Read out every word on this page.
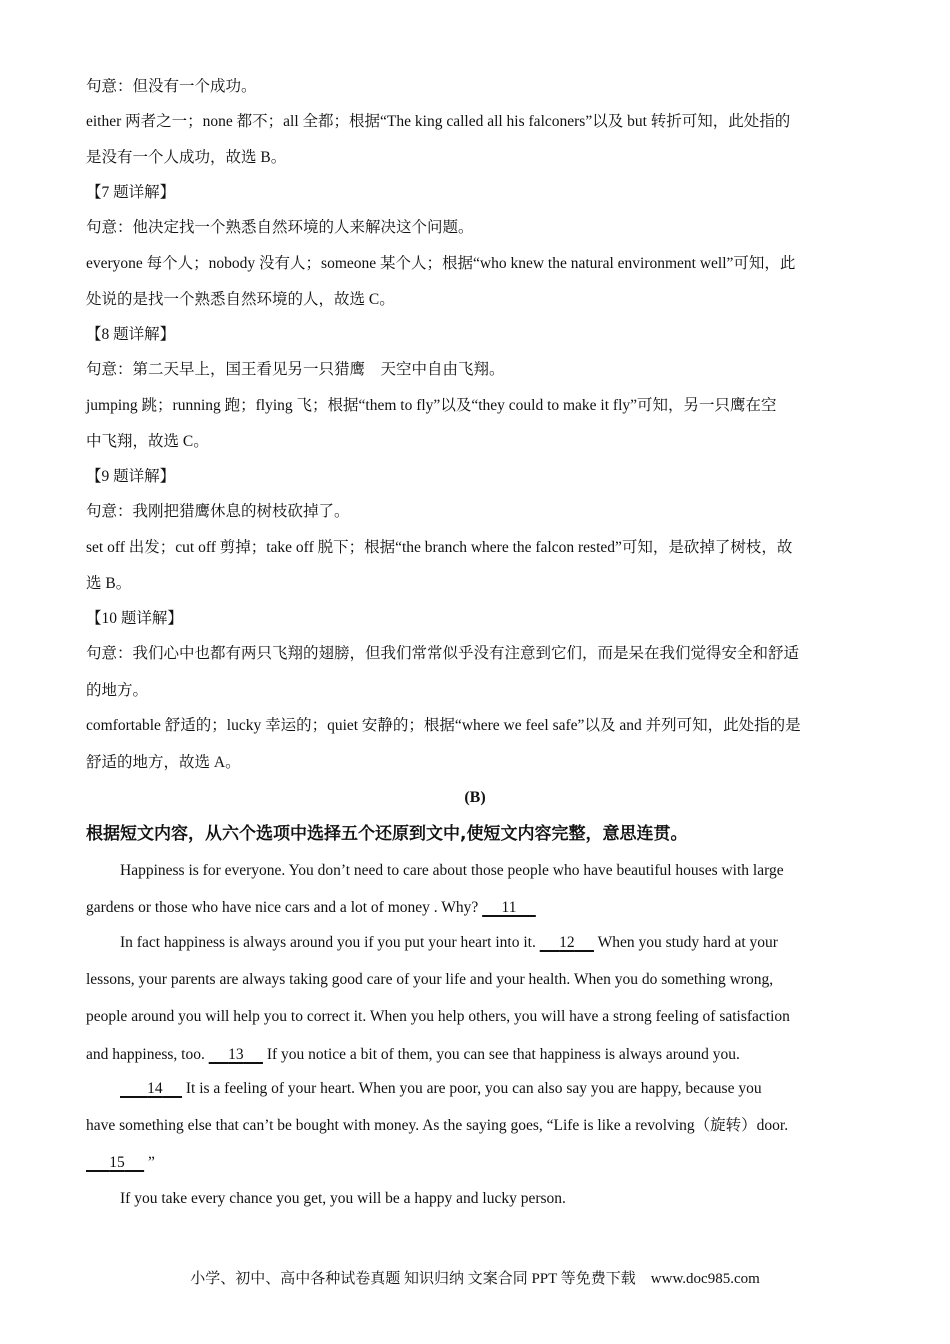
句意：但没有一个成功。
either 两者之一；none 都不；all 全都；根据“The king called all his falconers”以及 but 转折可知，此处指的
是没有一个人成功，故选 B。
【7 题详解】
句意：他决定找一个熟悉自然环境的人来解决这个问题。
everyone 每个人；nobody 没有人；someone 某个人；根据“who knew the natural environment well”可知，此
处说的是找一个熟悉自然环境的人，故选 C。
【8 题详解】
句意：第二天早上，国王看见另一只猎鹰　天空中自由飞翔。
jumping 跳；running 跑；flying 飞；根据“them to fly”以及“they could to make it fly”可知，另一只鹰在空
中飞翔，故选 C。
【9 题详解】
句意：我刚把猎鹰休息的树枝砍掉了。
set off 出发；cut off 剪掉；take off 脱下；根据“the branch where the falcon rested”可知，是砍掉了树枝，故
选 B。
【10 题详解】
句意：我们心中也都有两只飞翔的翅膀，但我们常常似乎没有注意到它们，而是呆在我们觉得安全和舒适
的地方。
comfortable 舒适的；lucky 幸运的；quiet 安静的；根据“where we feel safe”以及 and 并列可知，此处指的是
舒适的地方，故选 A。
(B)
根据短文内容，从六个选项中选择五个还原到文中,使短文内容完整，意思连贯。
Happiness is for everyone. You don’t need to care about those people who have beautiful houses with large
gardens or those who have nice cars and a lot of money . Why? 11
In fact happiness is always around you if you put your heart into it. 12 When you study hard at your
lessons, your parents are always taking good care of your life and your health. When you do something wrong,
people around you will help you to correct it. When you help others, you will have a strong feeling of satisfaction
and happiness, too. 13 If you notice a bit of them, you can see that happiness is always around you.
14 It is a feeling of your heart. When you are poor, you can also say you are happy, because you
have something else that can’t be bought with money. As the saying goes, “Life is like a revolving（旋转）door.
15 ”
If you take every chance you get, you will be a happy and lucky person.
小学、初中、高中各种试卷真题 知识归纳 文案合同 PPT 等免费下载　www.doc985.com
